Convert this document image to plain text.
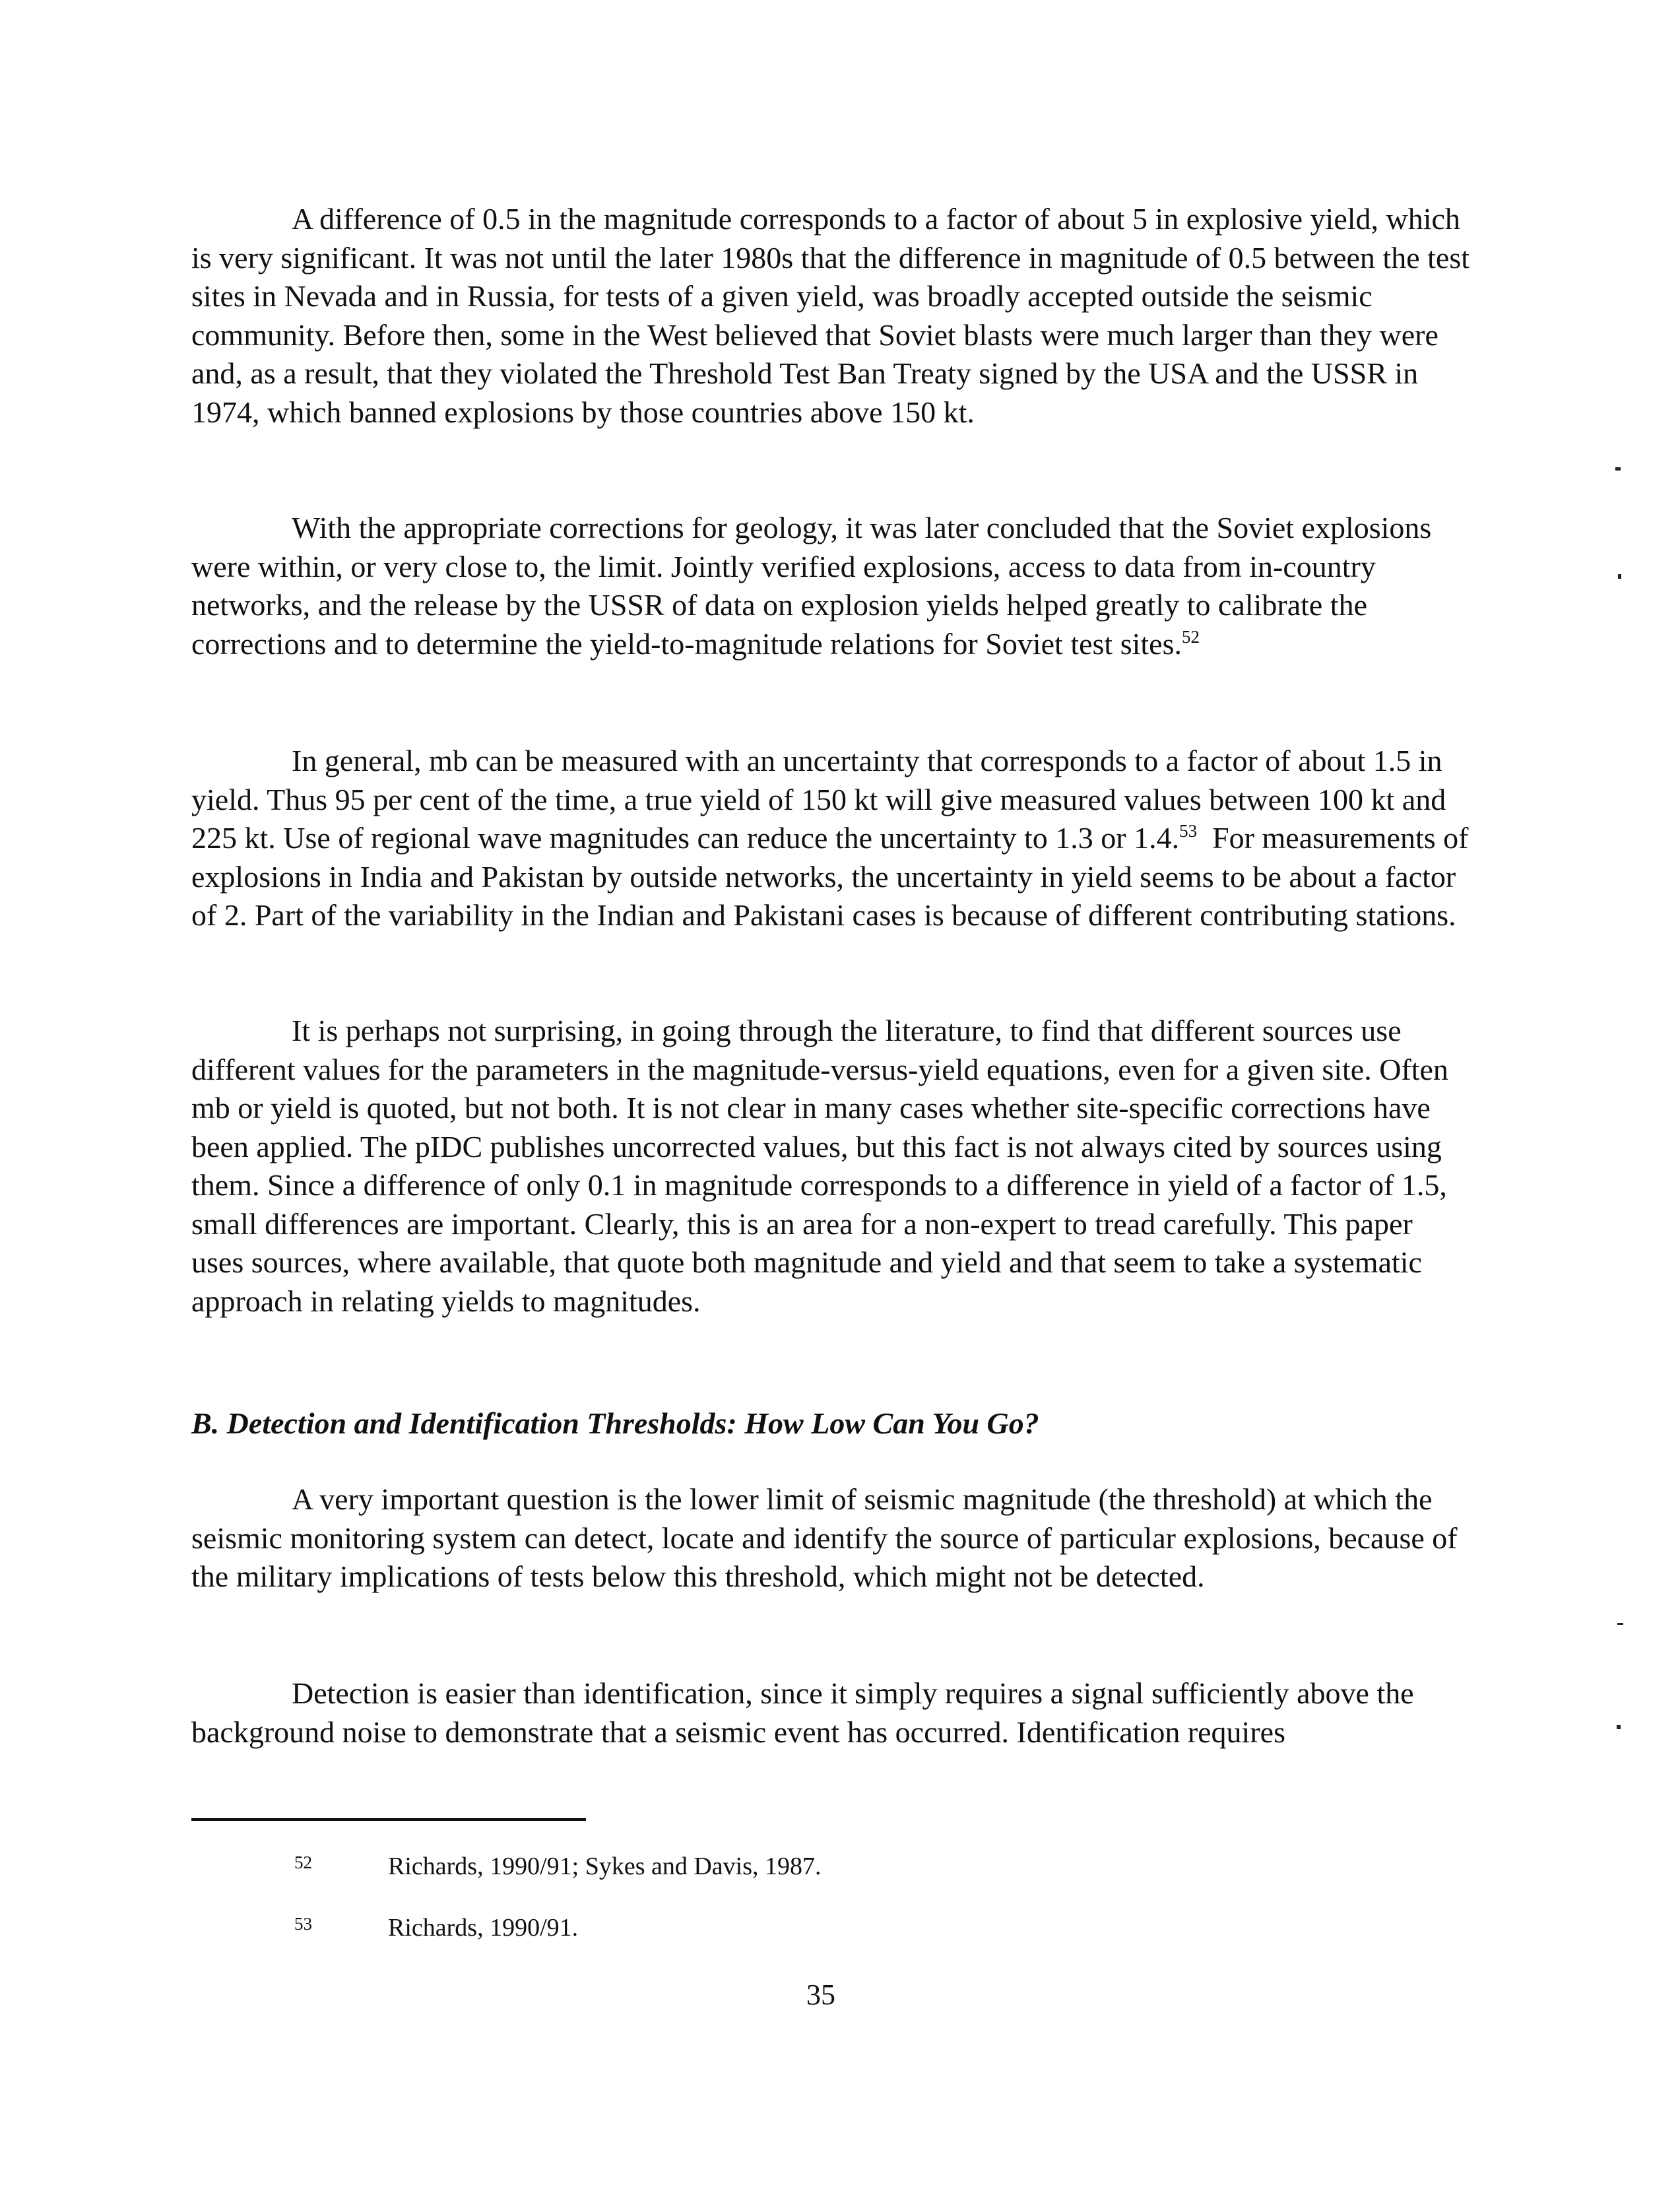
A difference of 0.5 in the magnitude corresponds to a factor of about 5 in explosive yield, which is very significant. It was not until the later 1980s that the difference in magnitude of 0.5 between the test sites in Nevada and in Russia, for tests of a given yield, was broadly accepted outside the seismic community. Before then, some in the West believed that Soviet blasts were much larger than they were and, as a result, that they violated the Threshold Test Ban Treaty signed by the USA and the USSR in 1974, which banned explosions by those countries above 150 kt.

With the appropriate corrections for geology, it was later concluded that the Soviet explosions were within, or very close to, the limit. Jointly verified explosions, access to data from in-country networks, and the release by the USSR of data on explosion yields helped greatly to calibrate the corrections and to determine the yield-to-magnitude relations for Soviet test sites.$^{52}$

In general, mb can be measured with an uncertainty that corresponds to a factor of about 1.5 in yield. Thus 95 per cent of the time, a true yield of 150 kt will give measured values between 100 kt and 225 kt. Use of regional wave magnitudes can reduce the uncertainty to 1.3 or 1.4.53 For measurements of explosions in India and Pakistan by outside networks, the uncertainty in yield seems to be about a factor of 2. Part of the variability in the Indian and Pakistani cases is because of different contributing stations.

It is perhaps not surprising, in going through the literature, to find that different sources use different values for the parameters in the magnitude-versus-yield equations, even for a given site. Often mb or yield is quoted, but not both. It is not clear in many cases whether site-specific corrections have been applied. The pIDC publishes uncorrected values, but this fact is not always cited by sources using them. Since a difference of only 0.1 in magnitude corresponds to a difference in yield of a factor of 1.5, small differences are important. Clearly, this is an area for a non-expert to tread carefully. This paper uses sources, where available, that quote both magnitude and yield and that seem to take a systematic approach in relating yields to magnitudes.

B. Detection and Identification Thresholds: How Low Can You Go?

A very important question is the lower limit of seismic magnitude (the threshold) at which the seismic monitoring system can detect, locate and identify the source of particular explosions, because of the military implications of tests below this threshold, which might not be detected.

Detection is easier than identification, since it simply requires a signal sufficiently above the background noise to demonstrate that a seismic event has occurred. Identification requires

52	Richards, 1990/91; Sykes and Davis, 1987.
53	Richards, 1990/91.
35
